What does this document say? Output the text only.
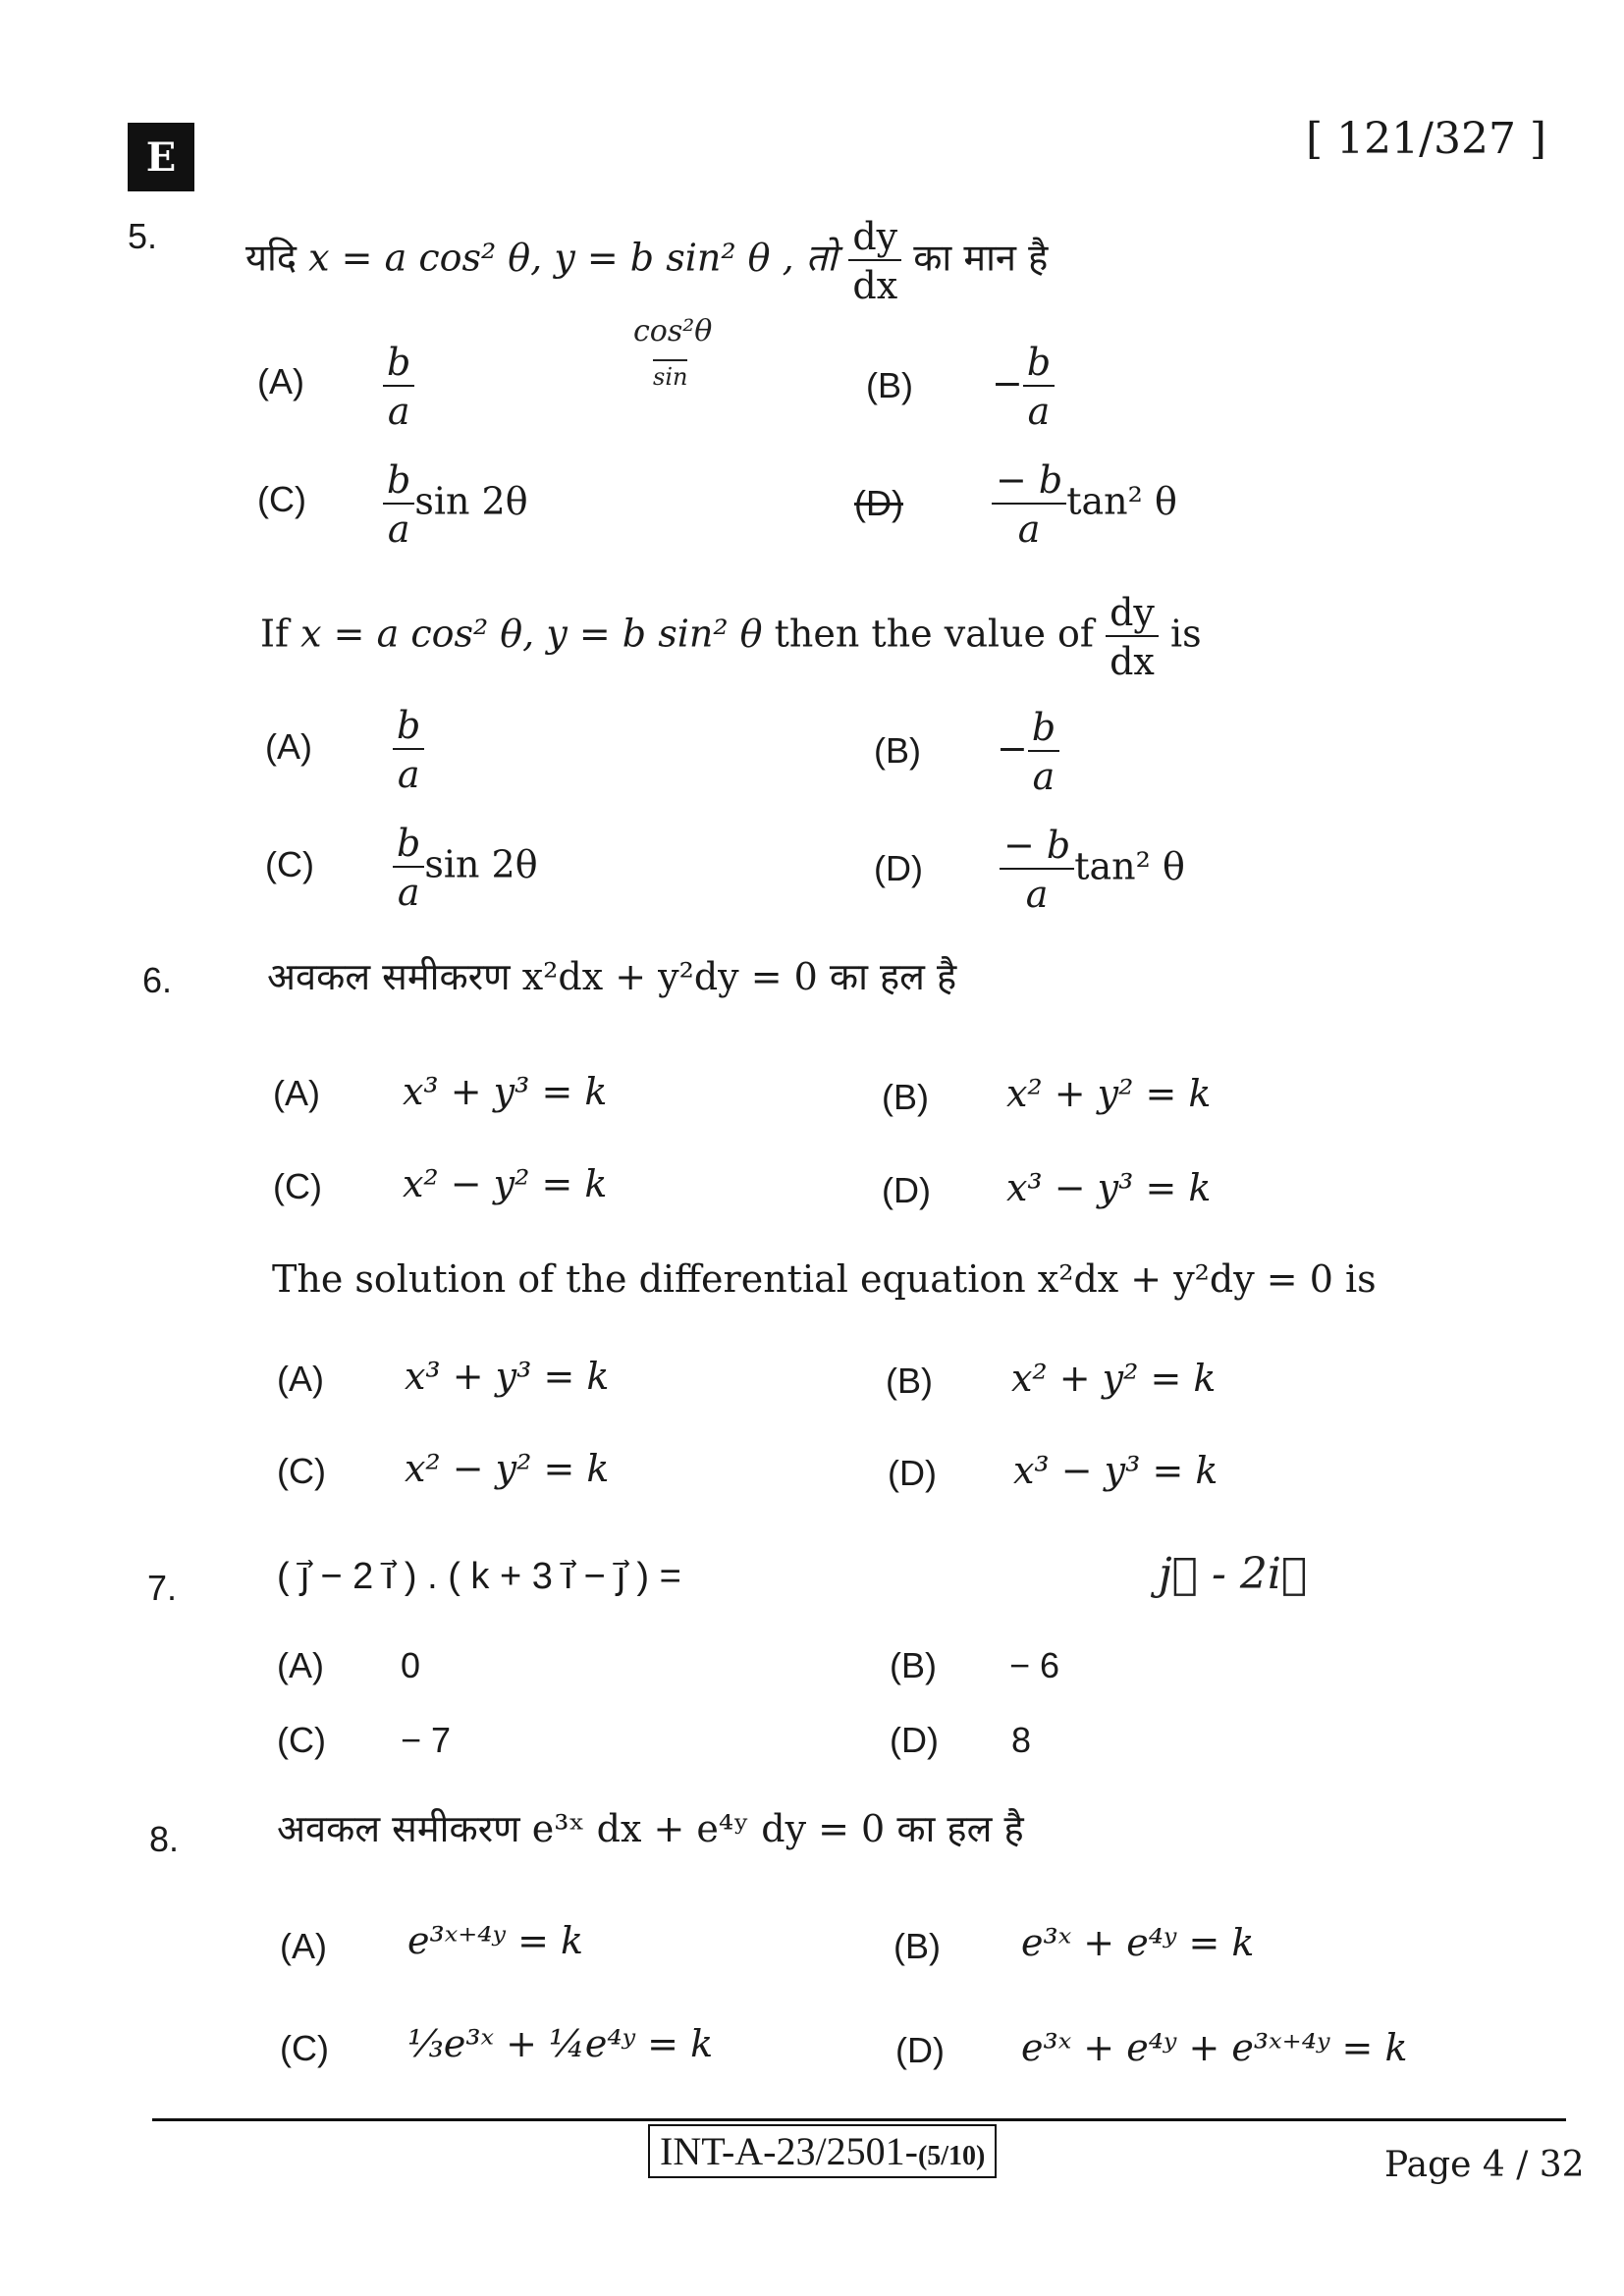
E	[ 121/327 ]
5. यदि x = a cos² θ, y = b sin² θ , तो $\frac{dy}{dx}$ का मान है
cos²θ
sin
$(A) \frac{b}{a}$	$(B) - \frac{b}{a}$
$(C) \frac{b}{a}$ sin 2θ	$(D) \frac{- b}{a} \tan^2$ θ
If x = a cos² θ, y = b sin² θ then the value of $\frac{dy}{dx}$ is
$(A) \frac{b}{a}$	$(B) - \frac{b}{a}$
$(C) \frac{b}{a}$ sin 2θ	$(D) \frac{- b}{a} \tan^2$ θ
6.	अवकल समीकरण x²dx + y²dy = 0 का हल है
(A) x³ + y³ = k	(B) x² + y² = k
(C) x² − y² = k	(D) x³ − y³ = k
The solution of the differential equation x²dx + y²dy = 0 is
(A) x³ + y³ = k	(B) x² + y² = k
(C) x² − y² = k	(D) x³ − y³ = k
7.	( j⃗ − 2 i⃗ ) . ( k + 3 i⃗ − j⃗ ) =	j⃗ - 2i⃗
(A) 0	(B) − 6
(C) − 7	(D) 8
8.	अवकल समीकरण e³ˣ dx + e⁴ʸ dy = 0 का हल है
(A) e³ˣ⁺⁴ʸ = k	(B) e³ˣ + e⁴ʸ = k
(C) ⅓e³ˣ + ¼e⁴ʸ = k	(D) e³ˣ + e⁴ʸ + e³ˣ⁺⁴ʸ = k
INT-A-23/2501-(5/10)	Page 4 / 32
